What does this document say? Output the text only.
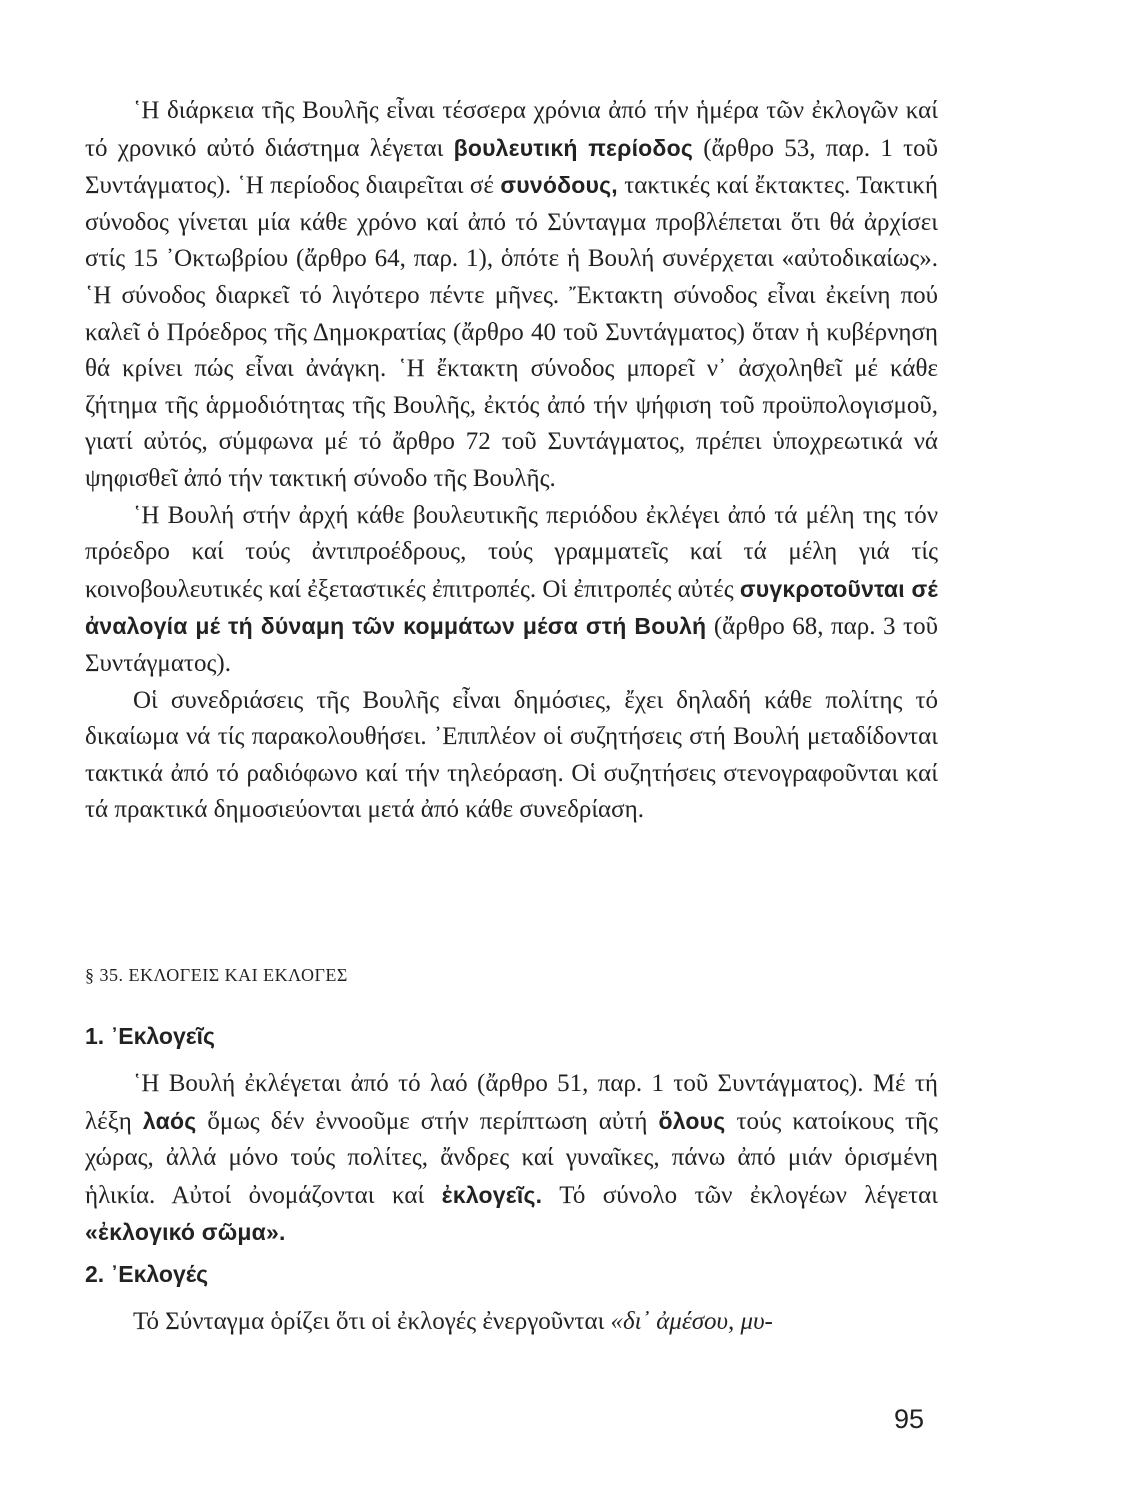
῾Η διάρκεια τῆς Βουλῆς εἶναι τέσσερα χρόνια ἀπό τήν ἡμέρα τῶν ἐκλογῶν καί τό χρονικό αὐτό διάστημα λέγεται βουλευτική περίοδος (ἄρθρο 53, παρ. 1 τοῦ Συντάγματος). ῾Η περίοδος διαιρεῖται σέ συνόδους, τακτικές καί ἔκτακτες. Τακτική σύνοδος γίνεται μία κάθε χρόνο καί ἀπό τό Σύνταγμα προβλέπεται ὅτι θά ἀρχίσει στίς 15 ᾿Οκτωβρίου (ἄρθρο 64, παρ. 1), ὁπότε ἡ Βουλή συνέρχεται «αὐτοδικαίως». ῾Η σύνοδος διαρκεῖ τό λιγότερο πέντε μῆνες. Ἔκτακτη σύνοδος εἶναι ἐκείνη πού καλεῖ ὁ Πρόεδρος τῆς Δημοκρατίας (ἄρθρο 40 τοῦ Συντάγματος) ὅταν ἡ κυβέρνηση θά κρίνει πώς εἶναι ἀνάγκη. ῾Η ἔκτακτη σύνοδος μπορεῖ ν᾿ ἀσχοληθεῖ μέ κάθε ζήτημα τῆς ἁρμοδιότητας τῆς Βουλῆς, ἐκτός ἀπό τήν ψήφιση τοῦ προϋπολογισμοῦ, γιατί αὐτός, σύμφωνα μέ τό ἄρθρο 72 τοῦ Συντάγματος, πρέπει ὑποχρεωτικά νά ψηφισθεῖ ἀπό τήν τακτική σύνοδο τῆς Βουλῆς.

῾Η Βουλή στήν ἀρχή κάθε βουλευτικῆς περιόδου ἐκλέγει ἀπό τά μέλη της τόν πρόεδρο καί τούς ἀντιπροέδρους, τούς γραμματεῖς καί τά μέλη γιά τίς κοινοβουλευτικές καί ἐξεταστικές ἐπιτροπές. Οἱ ἐπιτροπές αὐτές συγκροτοῦνται σέ ἀναλογία μέ τή δύναμη τῶν κομμάτων μέσα στή Βουλή (ἄρθρο 68, παρ. 3 τοῦ Συντάγματος).

Οἱ συνεδριάσεις τῆς Βουλῆς εἶναι δημόσιες, ἔχει δηλαδή κάθε πολίτης τό δικαίωμα νά τίς παρακολουθήσει. ᾿Επιπλέον οἱ συζητήσεις στή Βουλή μεταδίδονται τακτικά ἀπό τό ραδιόφωνο καί τήν τηλεόραση. Οἱ συζητήσεις στενογραφοῦνται καί τά πρακτικά δημοσιεύονται μετά ἀπό κάθε συνεδρίαση.

§ 35. ΕΚΛΟΓΕΙΣ ΚΑΙ ΕΚΛΟΓΕΣ
1. ᾿Εκλογεῖς

῾Η Βουλή ἐκλέγεται ἀπό τό λαό (ἄρθρο 51, παρ. 1 τοῦ Συντάγματος). Μέ τή λέξη λαός ὅμως δέν ἐννοοῦμε στήν περίπτωση αὐτή ὅλους τούς κατοίκους τῆς χώρας, ἀλλά μόνο τούς πολίτες, ἄνδρες καί γυναῖκες, πάνω ἀπό μιάν ὁρισμένη ἡλικία. Αὐτοί ὀνομάζονται καί ἐκλογεῖς. Τό σύνολο τῶν ἐκλογέων λέγεται «ἐκλογικό σῶμα».

2. ᾿Εκλογές

Τό Σύνταγμα ὁρίζει ὅτι οἱ ἐκλογές ἐνεργοῦνται «δι᾿ ἀμέσου, μυ-

95
